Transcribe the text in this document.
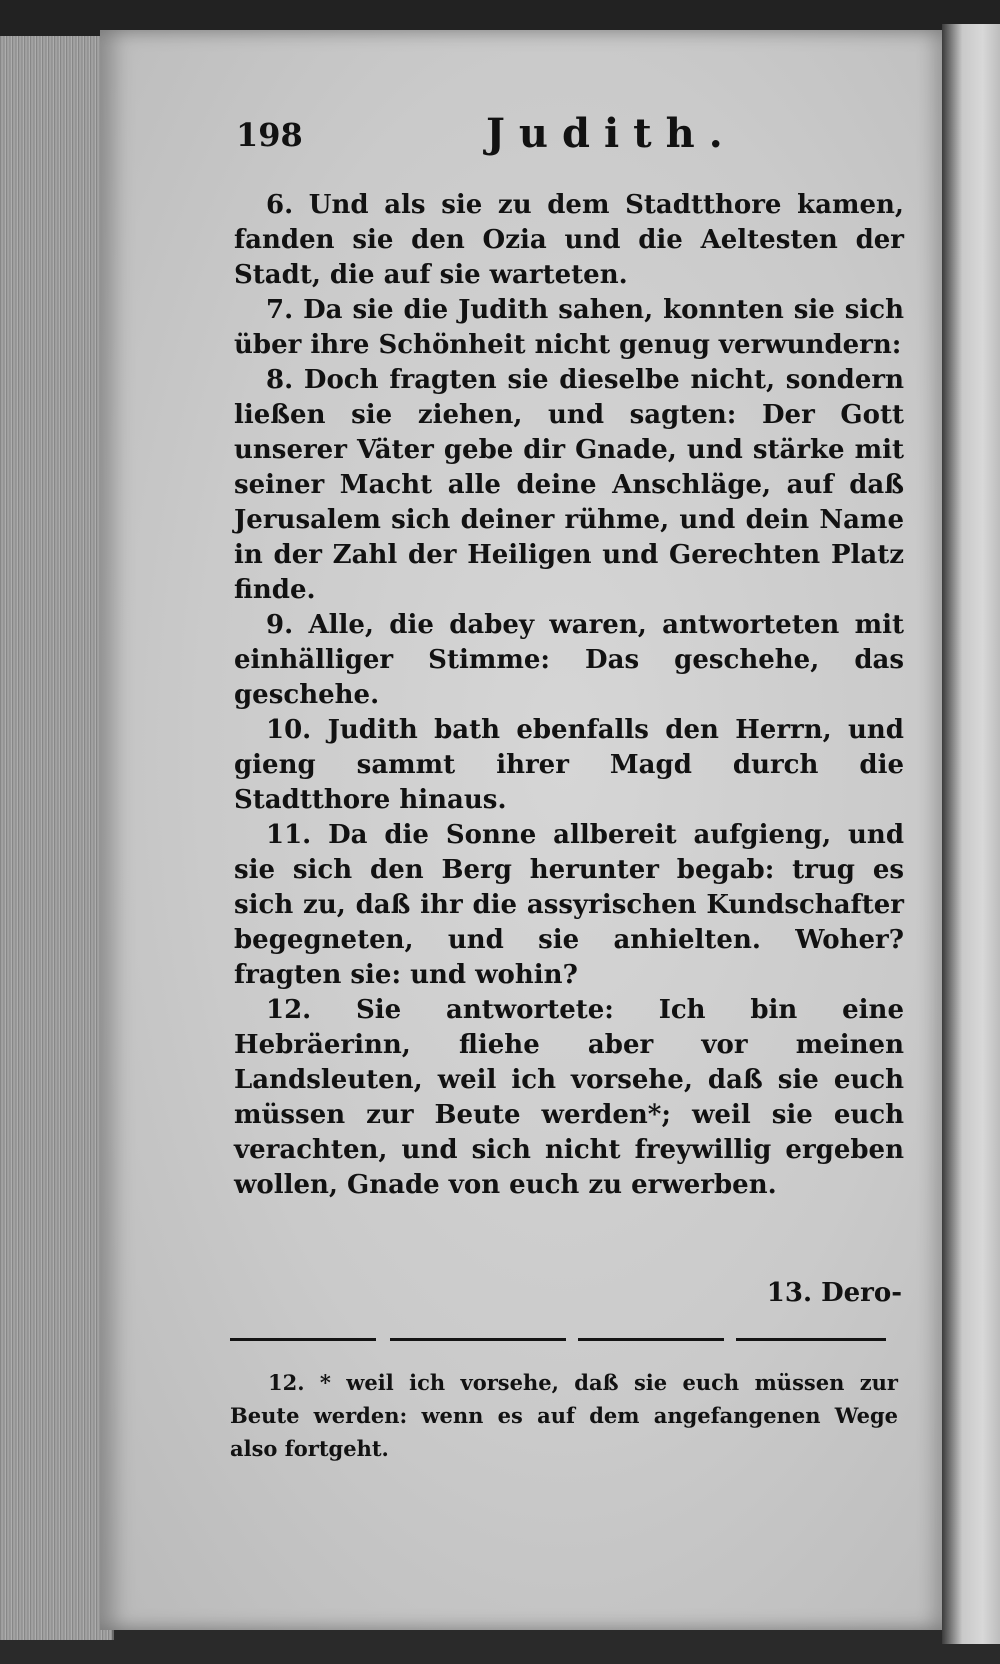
198	Judith.

6. Und als sie zu dem Stadtthore kamen, fanden sie den Ozia und die Aeltesten der Stadt, die auf sie warteten.

7. Da sie die Judith sahen, konnten sie sich über ihre Schönheit nicht genug verwundern:

8. Doch fragten sie dieselbe nicht, sondern ließen sie ziehen, und sagten: Der Gott unserer Väter gebe dir Gnade, und stärke mit seiner Macht alle deine Anschläge, auf daß Jerusalem sich deiner rühme, und dein Name in der Zahl der Heiligen und Gerechten Platz finde.

9. Alle, die dabey waren, antworteten mit einhälliger Stimme: Das geschehe, das geschehe.

10. Judith bath ebenfalls den Herrn, und gieng sammt ihrer Magd durch die Stadtthore hinaus.

11. Da die Sonne allbereit aufgieng, und sie sich den Berg herunter begab: trug es sich zu, daß ihr die assyrischen Kundschafter begegneten, und sie anhielten. Woher? fragten sie: und wohin?

12. Sie antwortete: Ich bin eine Hebräerinn, fliehe aber vor meinen Landsleuten, weil ich vorsehe, daß sie euch müssen zur Beute werden*; weil sie euch verachten, und sich nicht freywillig ergeben wollen, Gnade von euch zu erwerben.

13. Dero-
12. * weil ich vorsehe, daß sie euch müssen zur Beute werden: wenn es auf dem angefangenen Wege also fortgeht.
